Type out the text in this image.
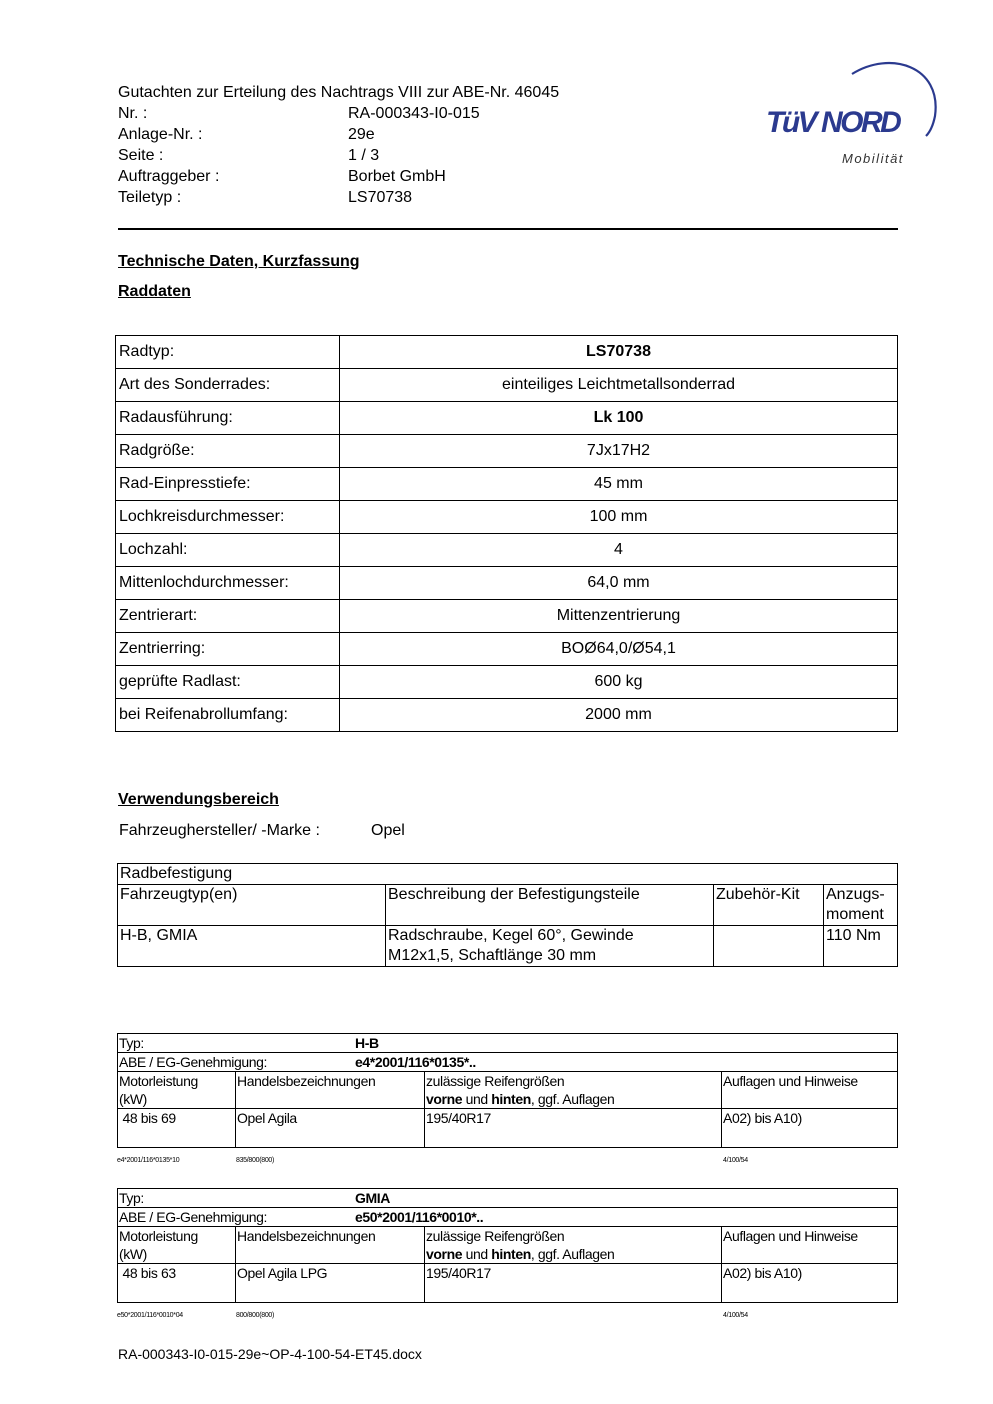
Gutachten zur Erteilung des Nachtrags VIII zur ABE-Nr. 46045
Nr. :	RA-000343-I0-015
Anlage-Nr. :	29e
Seite :	1 / 3
Auftraggeber :	Borbet GmbH
Teiletyp :	LS70738
TüV NORD
Mobilität
Technische Daten, Kurzfassung
Raddaten
Radtyp:	LS70738
Art des Sonderrades:	einteiliges Leichtmetallsonderrad
Radausführung:	Lk 100
Radgröße:	7Jx17H2
Rad-Einpresstiefe:	45 mm
Lochkreisdurchmesser:	100 mm
Lochzahl:	4
Mittenlochdurchmesser:	64,0 mm
Zentrierart:	Mittenzentrierung
Zentrierring:	BOØ64,0/Ø54,1
geprüfte Radlast:	600 kg
bei Reifenabrollumfang:	2000 mm
Verwendungsbereich
Fahrzeughersteller/ -Marke :	Opel
Radbefestigung			
Fahrzeugtyp(en)	Beschreibung der Befestigungsteile	Zubehör-Kit	Anzugs-
moment
H-B, GMIA	Radschraube, Kegel 60°, Gewinde
M12x1,5, Schaftlänge 30 mm		110 Nm
Typ: H-B			

ABE / EG-Genehmigung: e4*2001/116*0135*..			

Motorleistung
(kW)	Handelsbezeichnungen	zulässige Reifengrößen
vorne und hinten, ggf. Auflagen	Auflagen und Hinweise
48 bis 69	Opel Agila	195/40R17	A02) bis A10)
e4*2001/116*0135*10	835/800(800)	4/100/54
Typ: GMIA			

ABE / EG-Genehmigung: e50*2001/116*0010*..			

Motorleistung
(kW)	Handelsbezeichnungen	zulässige Reifengrößen
vorne und hinten, ggf. Auflagen	Auflagen und Hinweise
48 bis 63	Opel Agila LPG	195/40R17	A02) bis A10)
e50*2001/116*0010*04	800/800(800)	4/100/54
RA-000343-I0-015-29e~OP-4-100-54-ET45.docx
